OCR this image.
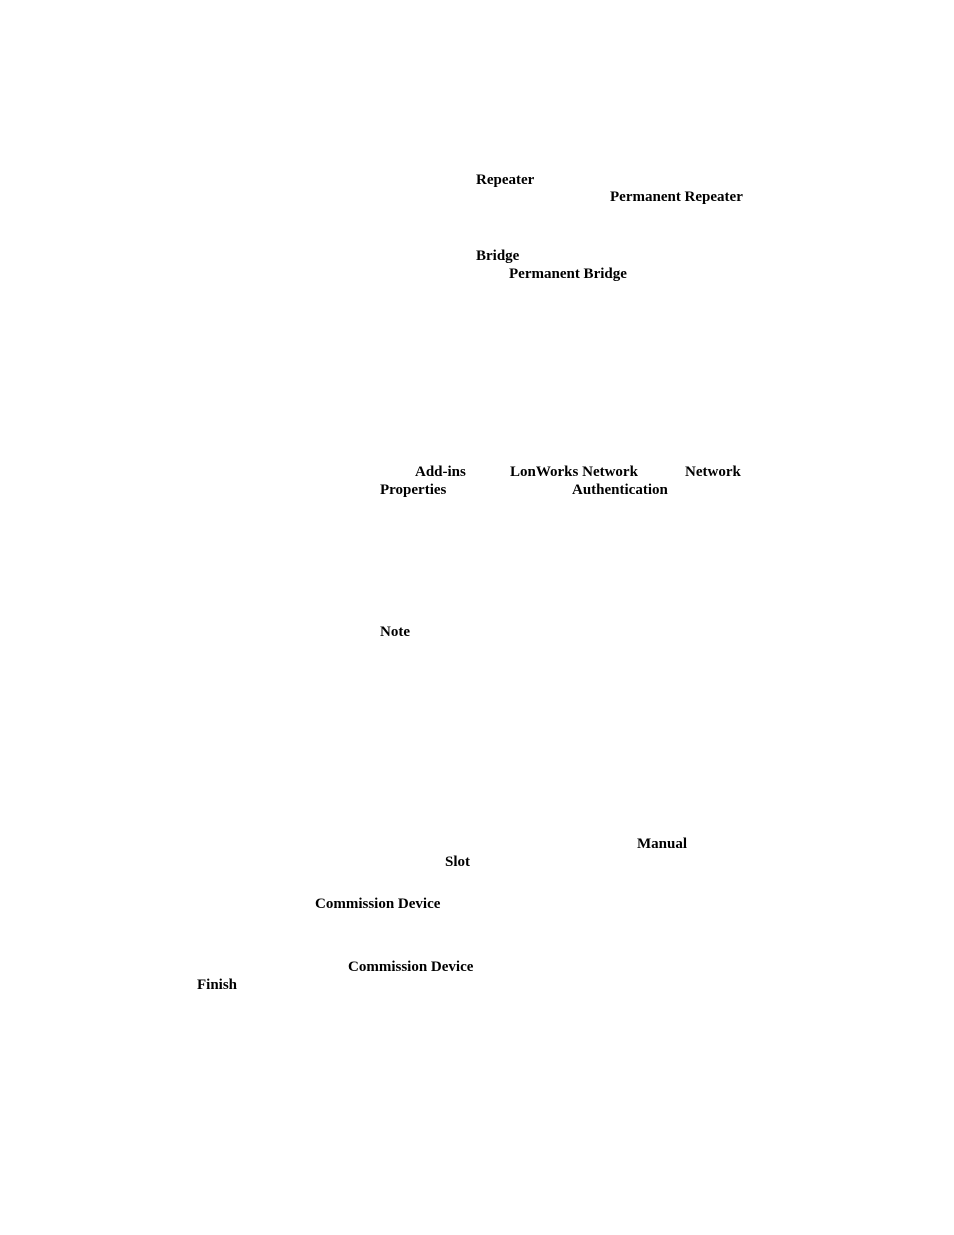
Repeater
Permanent Repeater
Bridge
Permanent Bridge
Add-ins	LonWorks Network	Network
Properties	Authentication
Note
Manual
Slot
Commission Device
Commission Device
Finish
